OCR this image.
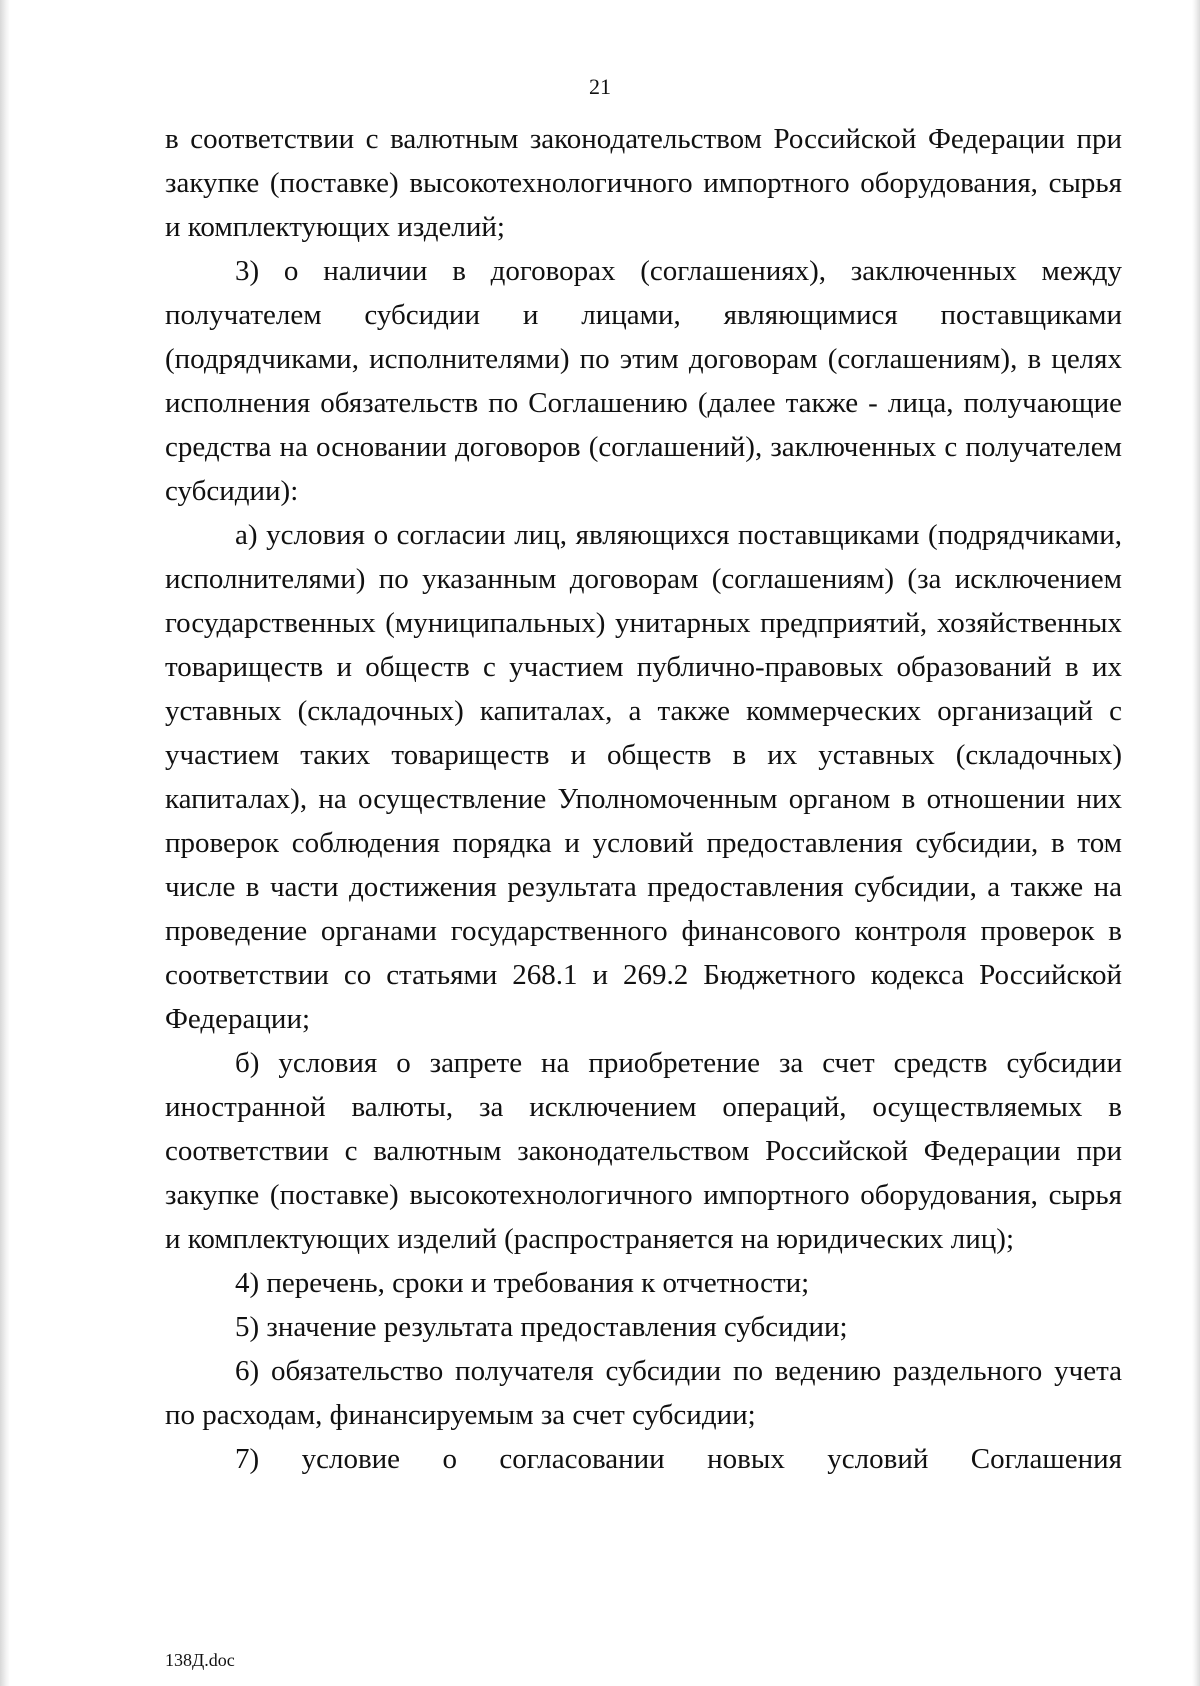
21

в соответствии с валютным законодательством Российской Федерации при закупке (поставке) высокотехнологичного импортного оборудования, сырья и комплектующих изделий;

3) о наличии в договорах (соглашениях), заключенных между получателем субсидии и лицами, являющимися поставщиками (подрядчиками, исполнителями) по этим договорам (соглашениям), в целях исполнения обязательств по Соглашению (далее также - лица, получающие средства на основании договоров (соглашений), заключенных с получателем субсидии):

а) условия о согласии лиц, являющихся поставщиками (подрядчиками, исполнителями) по указанным договорам (соглашениям) (за исключением государственных (муниципальных) унитарных предприятий, хозяйственных товариществ и обществ с участием публично-правовых образований в их уставных (складочных) капиталах, а также коммерческих организаций с участием таких товариществ и обществ в их уставных (складочных) капиталах), на осуществление Уполномоченным органом в отношении них проверок соблюдения порядка и условий предоставления субсидии, в том числе в части достижения результата предоставления субсидии, а также на проведение органами государственного финансового контроля проверок в соответствии со статьями 268.1 и 269.2 Бюджетного кодекса Российской Федерации;

б) условия о запрете на приобретение за счет средств субсидии иностранной валюты, за исключением операций, осуществляемых в соответствии с валютным законодательством Российской Федерации при закупке (поставке) высокотехнологичного импортного оборудования, сырья и комплектующих изделий (распространяется на юридических лиц);

4) перечень, сроки и требования к отчетности;

5) значение результата предоставления субсидии;

6) обязательство получателя субсидии по ведению раздельного учета по расходам, финансируемым за счет субсидии;

7) условие о согласовании новых условий Соглашения

138Д.doc
